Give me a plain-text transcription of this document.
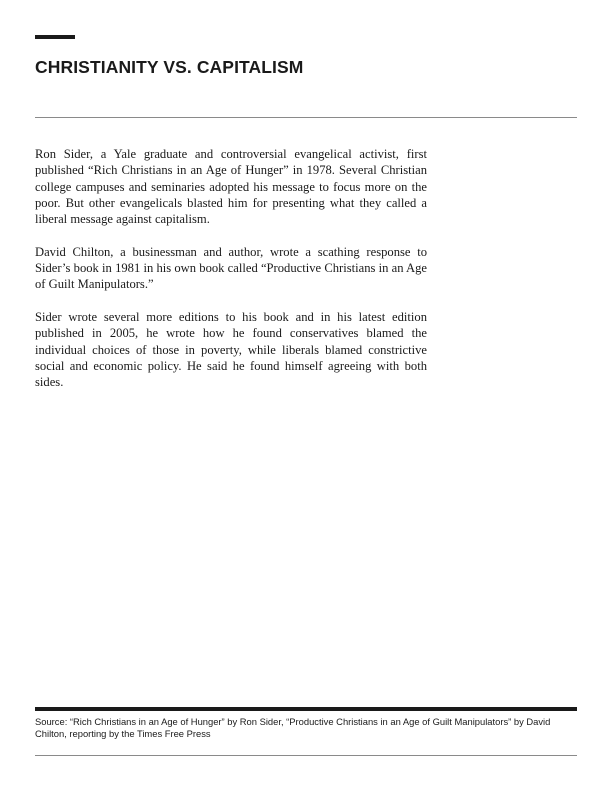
CHRISTIANITY VS. CAPITALISM

Ron Sider, a Yale graduate and controversial evangelical activist, first published “Rich Christians in an Age of Hunger” in 1978. Several Christian college campuses and seminaries adopted his message to focus more on the poor. But other evangelicals blasted him for presenting what they called a liberal message against capitalism.

David Chilton, a businessman and author, wrote a scathing response to Sider’s book in 1981 in his own book called “Productive Christians in an Age of Guilt Manipulators.”

Sider wrote several more editions to his book and in his latest edition published in 2005, he wrote how he found conservatives blamed the individual choices of those in poverty, while liberals blamed constrictive social and economic policy. He said he found himself agreeing with both sides.

Source: “Rich Christians in an Age of Hunger” by Ron Sider, “Productive Christians in an Age of Guilt Manipulators” by David Chilton, reporting by the Times Free Press
